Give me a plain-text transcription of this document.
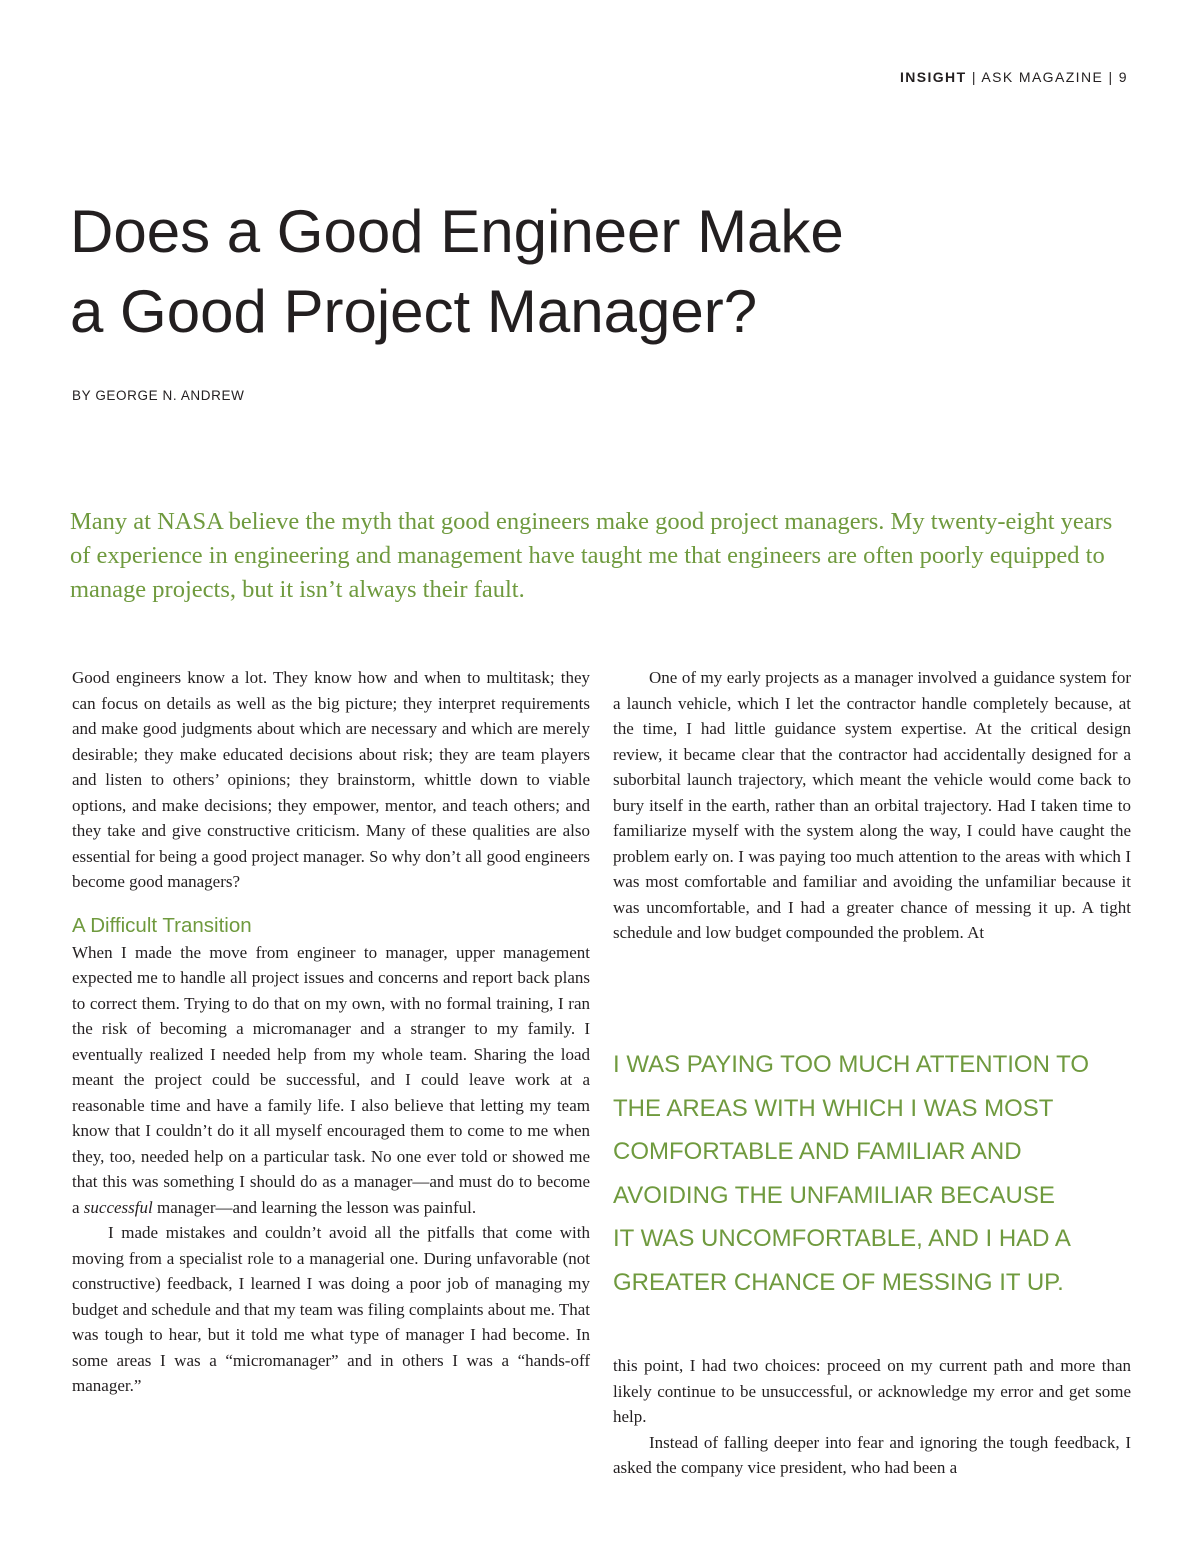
INSIGHT | ASK MAGAZINE | 9
Does a Good Engineer Make
a Good Project Manager?
BY GEORGE N. ANDREW

Many at NASA believe the myth that good engineers make good project managers. My twenty-eight years of experience in engineering and management have taught me that engineers are often poorly equipped to manage projects, but it isn’t always their fault.

Good engineers know a lot. They know how and when to multitask; they can focus on details as well as the big picture; they interpret requirements and make good judgments about which are necessary and which are merely desirable; they make educated decisions about risk; they are team players and listen to others’ opinions; they brainstorm, whittle down to viable options, and make decisions; they empower, mentor, and teach others; and they take and give constructive criticism. Many of these qualities are also essential for being a good project manager. So why don’t all good engineers become good managers?

A Difficult Transition

When I made the move from engineer to manager, upper management expected me to handle all project issues and concerns and report back plans to correct them. Trying to do that on my own, with no formal training, I ran the risk of becoming a micromanager and a stranger to my family. I eventually realized I needed help from my whole team. Sharing the load meant the project could be successful, and I could leave work at a reasonable time and have a family life. I also believe that letting my team know that I couldn’t do it all myself encouraged them to come to me when they, too, needed help on a particular task. No one ever told or showed me that this was something I should do as a manager—and must do to become a successful manager—and learning the lesson was painful.

I made mistakes and couldn’t avoid all the pitfalls that come with moving from a specialist role to a managerial one. During unfavorable (not constructive) feedback, I learned I was doing a poor job of managing my budget and schedule and that my team was filing complaints about me. That was tough to hear, but it told me what type of manager I had become. In some areas I was a “micromanager” and in others I was a “hands-off manager.”

One of my early projects as a manager involved a guidance system for a launch vehicle, which I let the contractor handle completely because, at the time, I had little guidance system expertise. At the critical design review, it became clear that the contractor had accidentally designed for a suborbital launch trajectory, which meant the vehicle would come back to bury itself in the earth, rather than an orbital trajectory. Had I taken time to familiarize myself with the system along the way, I could have caught the problem early on. I was paying too much attention to the areas with which I was most comfortable and familiar and avoiding the unfamiliar because it was uncomfortable, and I had a greater chance of messing it up. A tight schedule and low budget compounded the problem. At

I WAS PAYING TOO MUCH ATTENTION TO
THE AREAS WITH WHICH I WAS MOST
COMFORTABLE AND FAMILIAR AND
AVOIDING THE UNFAMILIAR BECAUSE
IT WAS UNCOMFORTABLE, AND I HAD A
GREATER CHANCE OF MESSING IT UP.

this point, I had two choices: proceed on my current path and more than likely continue to be unsuccessful, or acknowledge my error and get some help.

Instead of falling deeper into fear and ignoring the tough feedback, I asked the company vice president, who had been a
